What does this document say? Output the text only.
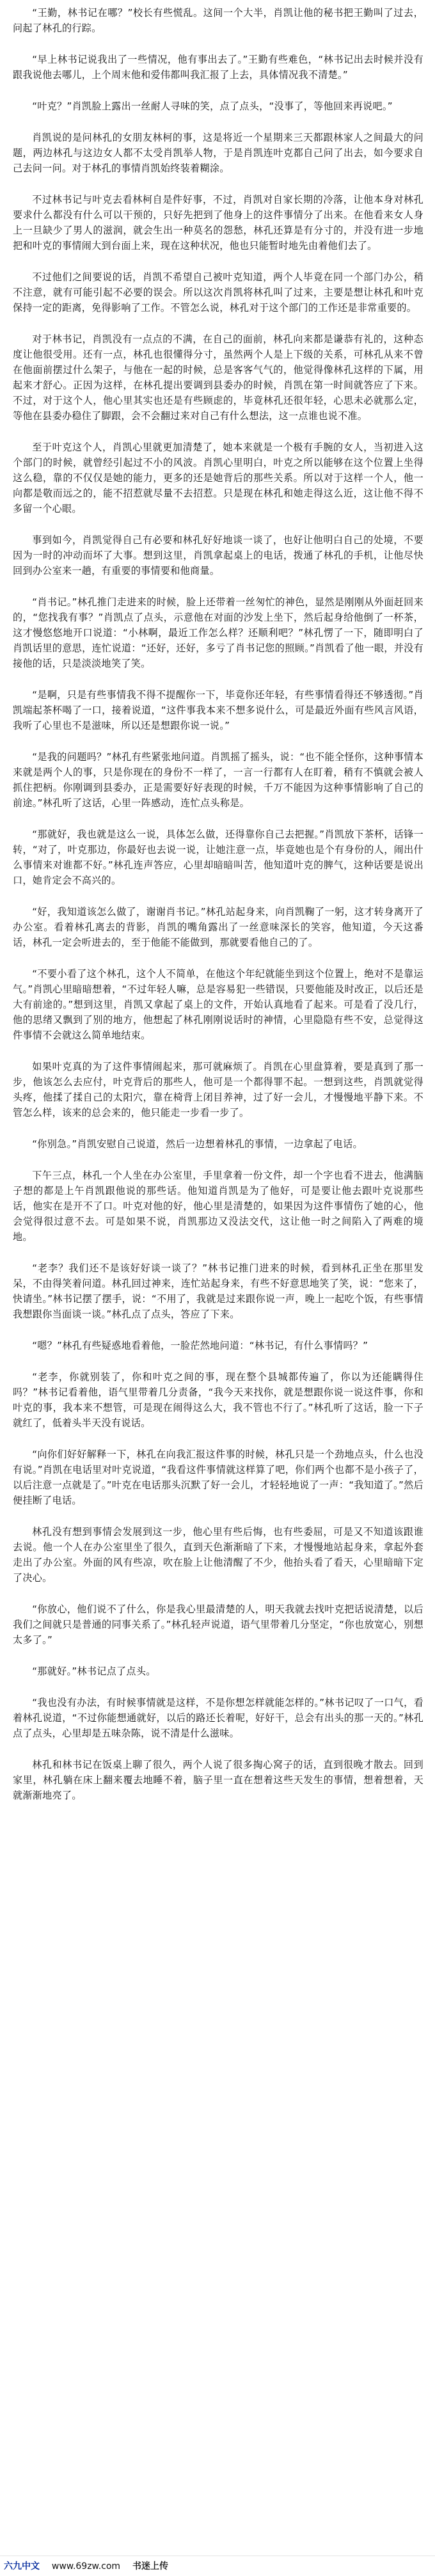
“王勤，林书记在哪？”校长有些慌乱。这间一个大半，肖凯让他的秘书把王勤叫了过去，问起了林孔的行踪。

“早上林书记说我出了一些情况，他有事出去了。”王勤有些难色，“林书记出去时候并没有跟我说他去哪儿，上个周末他和爱伟都叫我汇报了上去，具体情况我不清楚。”

“叶克？”肖凯脸上露出一丝耐人寻味的笑，点了点头，“没事了，等他回来再说吧。”

肖凯说的是问林孔的女朋友林柯的事，这是将近一个星期来三天都跟林家人之间最大的问题，两边林孔与这边女人都不太受肖凯举人物，于是肖凯连叶克都自己问了出去，如今要求自己去问一问。对于林孔的事情肖凯始终装着糊涂。

不过林书记与叶克去看林柯自是件好事，不过，肖凯对自家长期的冷落，让他本身对林孔要求什么都没有什么可以干预的，只好先把到了他身上的这件事情分了出来。在他看来女人身上一旦缺少了男人的滋润，就会生出一种莫名的怨愁，林孔还算是有分寸的，并没有进一步地把和叶克的事情闹大到台面上来，现在这种状况，他也只能暂时地先由着他们去了。

不过他们之间要说的话，肖凯不希望自己被叶克知道，两个人毕竟在同一个部门办公，稍不注意，就有可能引起不必要的误会。所以这次肖凯将林孔叫了过来，主要是想让林孔和叶克保持一定的距离，免得影响了工作。不管怎么说，林孔对于这个部门的工作还是非常重要的。

对于林书记，肖凯没有一点点的不满，在自己的面前，林孔向来都是谦恭有礼的，这种态度让他很受用。还有一点，林孔也很懂得分寸，虽然两个人是上下级的关系，可林孔从来不曾在他面前摆过什么架子，与他在一起的时候，总是客客气气的，他觉得像林孔这样的下属，用起来才舒心。正因为这样，在林孔提出要调到县委办的时候，肖凯在第一时间就答应了下来。不过，对于这个人，他心里其实也还是有些顾虑的，毕竟林孔还很年轻，心思未必就那么定，等他在县委办稳住了脚跟，会不会翻过来对自己有什么想法，这一点谁也说不准。

至于叶克这个人，肖凯心里就更加清楚了，她本来就是一个极有手腕的女人，当初进入这个部门的时候，就曾经引起过不小的风波。肖凯心里明白，叶克之所以能够在这个位置上坐得这么稳，靠的不仅仅是她的能力，更多的还是她背后的那些关系。所以对于这样一个人，他一向都是敬而远之的，能不招惹就尽量不去招惹。只是现在林孔和她走得这么近，这让他不得不多留一个心眼。

事到如今，肖凯觉得自己有必要和林孔好好地谈一谈了，也好让他明白自己的处境，不要因为一时的冲动而坏了大事。想到这里，肖凯拿起桌上的电话，拨通了林孔的手机，让他尽快回到办公室来一趟，有重要的事情要和他商量。

“肖书记。”林孔推门走进来的时候，脸上还带着一丝匆忙的神色，显然是刚刚从外面赶回来的，“您找我有事？”肖凯点了点头，示意他在对面的沙发上坐下，然后起身给他倒了一杯茶，这才慢悠悠地开口说道：“小林啊，最近工作怎么样？还顺利吧？”林孔愣了一下，随即明白了肖凯话里的意思，连忙说道：“还好，还好，多亏了肖书记您的照顾。”肖凯看了他一眼，并没有接他的话，只是淡淡地笑了笑。

“是啊，只是有些事情我不得不提醒你一下，毕竟你还年轻，有些事情看得还不够透彻。”肖凯端起茶杯喝了一口，接着说道，“这件事我本来不想多说什么，可是最近外面有些风言风语，我听了心里也不是滋味，所以还是想跟你说一说。”

“是我的问题吗？”林孔有些紧张地问道。肖凯摇了摇头，说：“也不能全怪你，这种事情本来就是两个人的事，只是你现在的身份不一样了，一言一行都有人在盯着，稍有不慎就会被人抓住把柄。你刚调到县委办，正是需要好好表现的时候，千万不能因为这种事情影响了自己的前途。”林孔听了这话，心里一阵感动，连忙点头称是。

“那就好，我也就是这么一说，具体怎么做，还得靠你自己去把握。”肖凯放下茶杯，话锋一转，“对了，叶克那边，你最好也去说一说，让她注意一点，毕竟她也是个有身份的人，闹出什么事情来对谁都不好。”林孔连声答应，心里却暗暗叫苦，他知道叶克的脾气，这种话要是说出口，她肯定会不高兴的。

“好，我知道该怎么做了，谢谢肖书记。”林孔站起身来，向肖凯鞠了一躬，这才转身离开了办公室。看着林孔离去的背影，肖凯的嘴角露出了一丝意味深长的笑容，他知道，今天这番话，林孔一定会听进去的，至于他能不能做到，那就要看他自己的了。

“不要小看了这个林孔，这个人不简单，在他这个年纪就能坐到这个位置上，绝对不是靠运气。”肖凯心里暗暗想着，“不过年轻人嘛，总是容易犯一些错误，只要他能及时改正，以后还是大有前途的。”想到这里，肖凯又拿起了桌上的文件，开始认真地看了起来。可是看了没几行，他的思绪又飘到了别的地方，他想起了林孔刚刚说话时的神情，心里隐隐有些不安，总觉得这件事情不会就这么简单地结束。

如果叶克真的为了这件事情闹起来，那可就麻烦了。肖凯在心里盘算着，要是真到了那一步，他该怎么去应付，叶克背后的那些人，他可是一个都得罪不起。一想到这些，肖凯就觉得头疼，他揉了揉自己的太阳穴，靠在椅背上闭目养神，过了好一会儿，才慢慢地平静下来。不管怎么样，该来的总会来的，他只能走一步看一步了。

“你别急。”肖凯安慰自己说道，然后一边想着林孔的事情，一边拿起了电话。

下午三点，林孔一个人坐在办公室里，手里拿着一份文件，却一个字也看不进去，他满脑子想的都是上午肖凯跟他说的那些话。他知道肖凯是为了他好，可是要让他去跟叶克说那些话，他实在是开不了口。叶克对他的好，他心里是清楚的，如果因为这件事情伤了她的心，他会觉得很过意不去。可是如果不说，肖凯那边又没法交代，这让他一时之间陷入了两难的境地。

“老李？我们还不是该好好谈一谈了？”林书记推门进来的时候，看到林孔正坐在那里发呆，不由得笑着问道。林孔回过神来，连忙站起身来，有些不好意思地笑了笑，说：“您来了，快请坐。”林书记摆了摆手，说：“不用了，我就是过来跟你说一声，晚上一起吃个饭，有些事情我想跟你当面谈一谈。”林孔点了点头，答应了下来。

“嗯？”林孔有些疑惑地看着他，一脸茫然地问道：“林书记，有什么事情吗？”

“老李，你就别装了，你和叶克之间的事，现在整个县城都传遍了，你以为还能瞒得住吗？”林书记看着他，语气里带着几分责备，“我今天来找你，就是想跟你说一说这件事，你和叶克的事，我本来不想管，可是现在闹得这么大，我不管也不行了。”林孔听了这话，脸一下子就红了，低着头半天没有说话。

“向你们好好解释一下，林孔在向我汇报这件事的时候，林孔只是一个劲地点头，什么也没有说。”肖凯在电话里对叶克说道，“我看这件事情就这样算了吧，你们两个也都不是小孩子了，以后注意一点就是了。”叶克在电话那头沉默了好一会儿，才轻轻地说了一声：“我知道了。”然后便挂断了电话。

林孔没有想到事情会发展到这一步，他心里有些后悔，也有些委屈，可是又不知道该跟谁去说。他一个人在办公室里坐了很久，直到天色渐渐暗了下来，才慢慢地站起身来，拿起外套走出了办公室。外面的风有些凉，吹在脸上让他清醒了不少，他抬头看了看天，心里暗暗下定了决心。

“你放心，他们说不了什么，你是我心里最清楚的人，明天我就去找叶克把话说清楚，以后我们之间就只是普通的同事关系了。”林孔轻声说道，语气里带着几分坚定，“你也放宽心，别想太多了。”

“那就好。”林书记点了点头。

“我也没有办法，有时候事情就是这样，不是你想怎样就能怎样的。”林书记叹了一口气，看着林孔说道，“不过你能想通就好，以后的路还长着呢，好好干，总会有出头的那一天的。”林孔点了点头，心里却是五味杂陈，说不清是什么滋味。

林孔和林书记在饭桌上聊了很久，两个人说了很多掏心窝子的话，直到很晚才散去。回到家里，林孔躺在床上翻来覆去地睡不着，脑子里一直在想着这些天发生的事情，想着想着，天就渐渐地亮了。

六九中文 www.69zw.com 书迷上传
